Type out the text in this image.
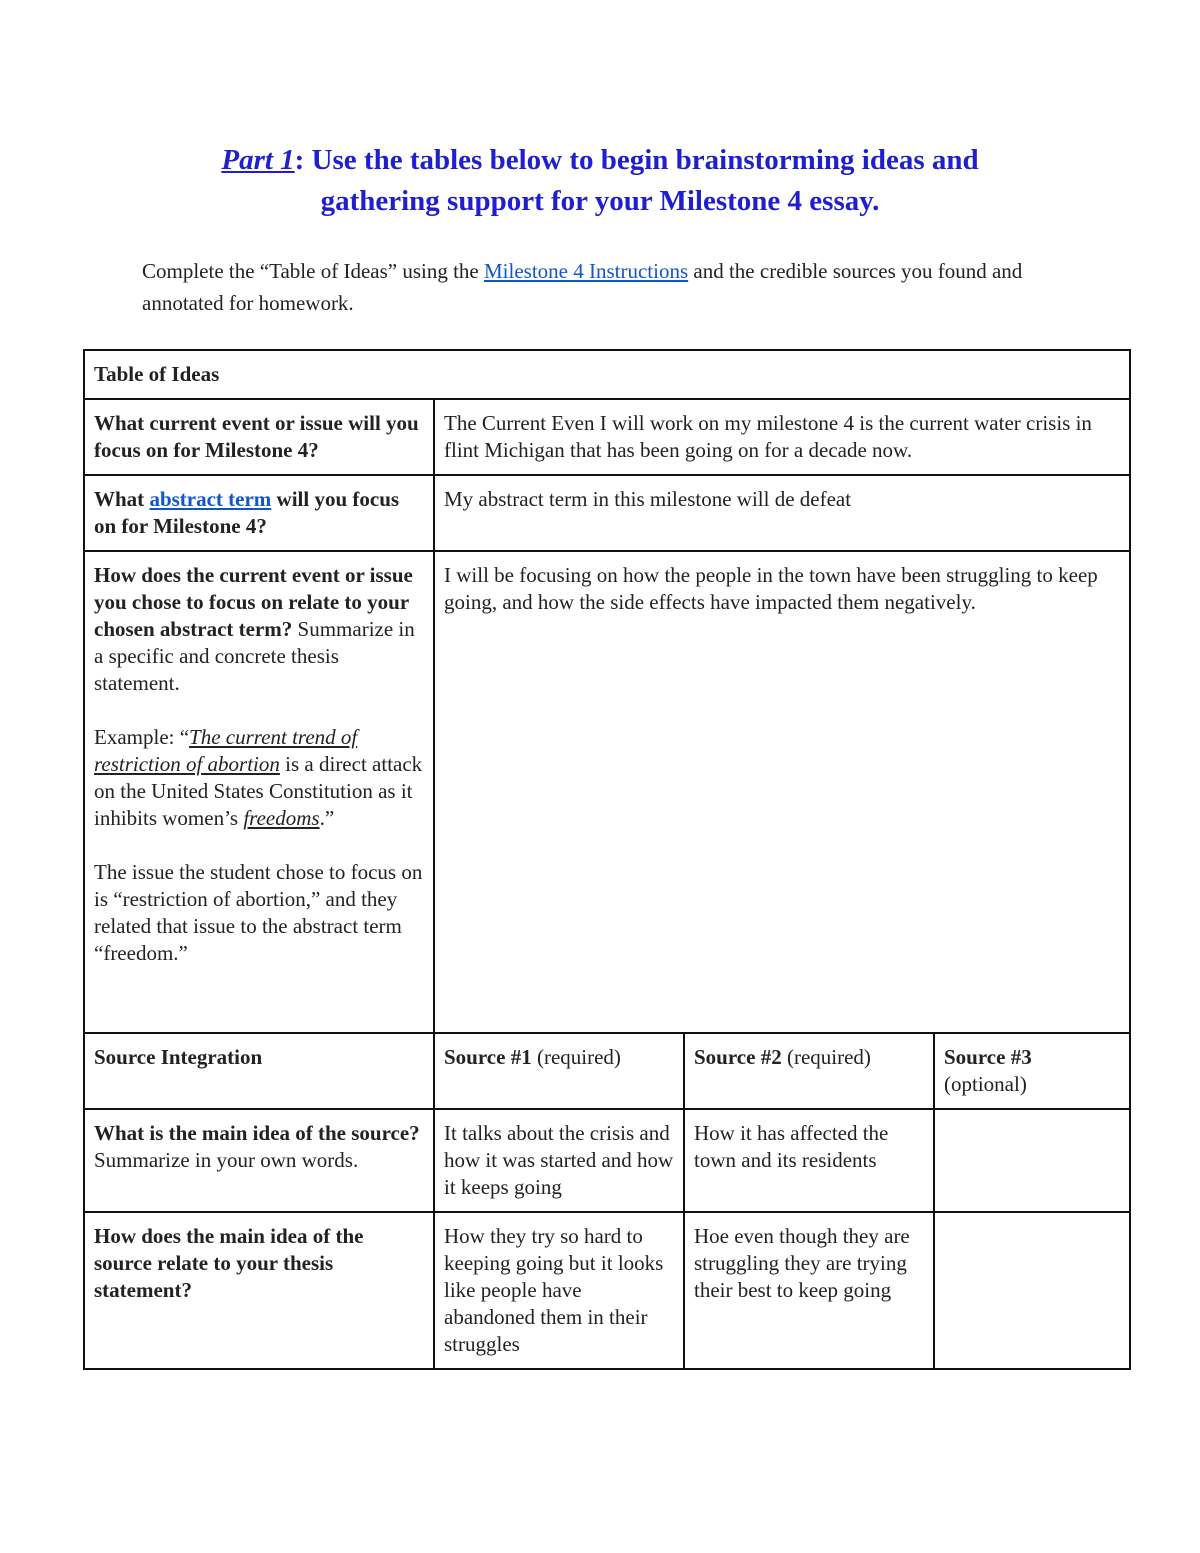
Part 1: Use the tables below to begin brainstorming ideas and
gathering support for your Milestone 4 essay.
Complete the “Table of Ideas” using the Milestone 4 Instructions and the credible sources you found and annotated for homework.
Table of Ideas			
What current event or issue will you focus on for Milestone 4?	The Current Even I will work on my milestone 4 is the current water crisis in flint Michigan that has been going on for a decade now.		
What abstract term will you focus on for Milestone 4?	My abstract term in this milestone will de defeat		
How does the current event or issue you chose to focus on relate to your chosen abstract term? Summarize in a specific and concrete thesis statement.
Example: “The current trend of restriction of abortion is a direct attack on the United States Constitution as it inhibits women’s freedoms.”
The issue the student chose to focus on is “restriction of abortion,” and they related that issue to the abstract term “freedom.”	I will be focusing on how the people in the town have been struggling to keep going, and how the side effects have impacted them negatively.		
Source Integration	Source #1 (required)	Source #2 (required)	Source #3
(optional)
What is the main idea of the source? Summarize in your own words.	It talks about the crisis and how it was started and how it keeps going	How it has affected the town and its residents	
How does the main idea of the source relate to your thesis statement?	How they try so hard to keeping going but it looks like people have abandoned them in their struggles	Hoe even though they are struggling they are trying their best to keep going	
